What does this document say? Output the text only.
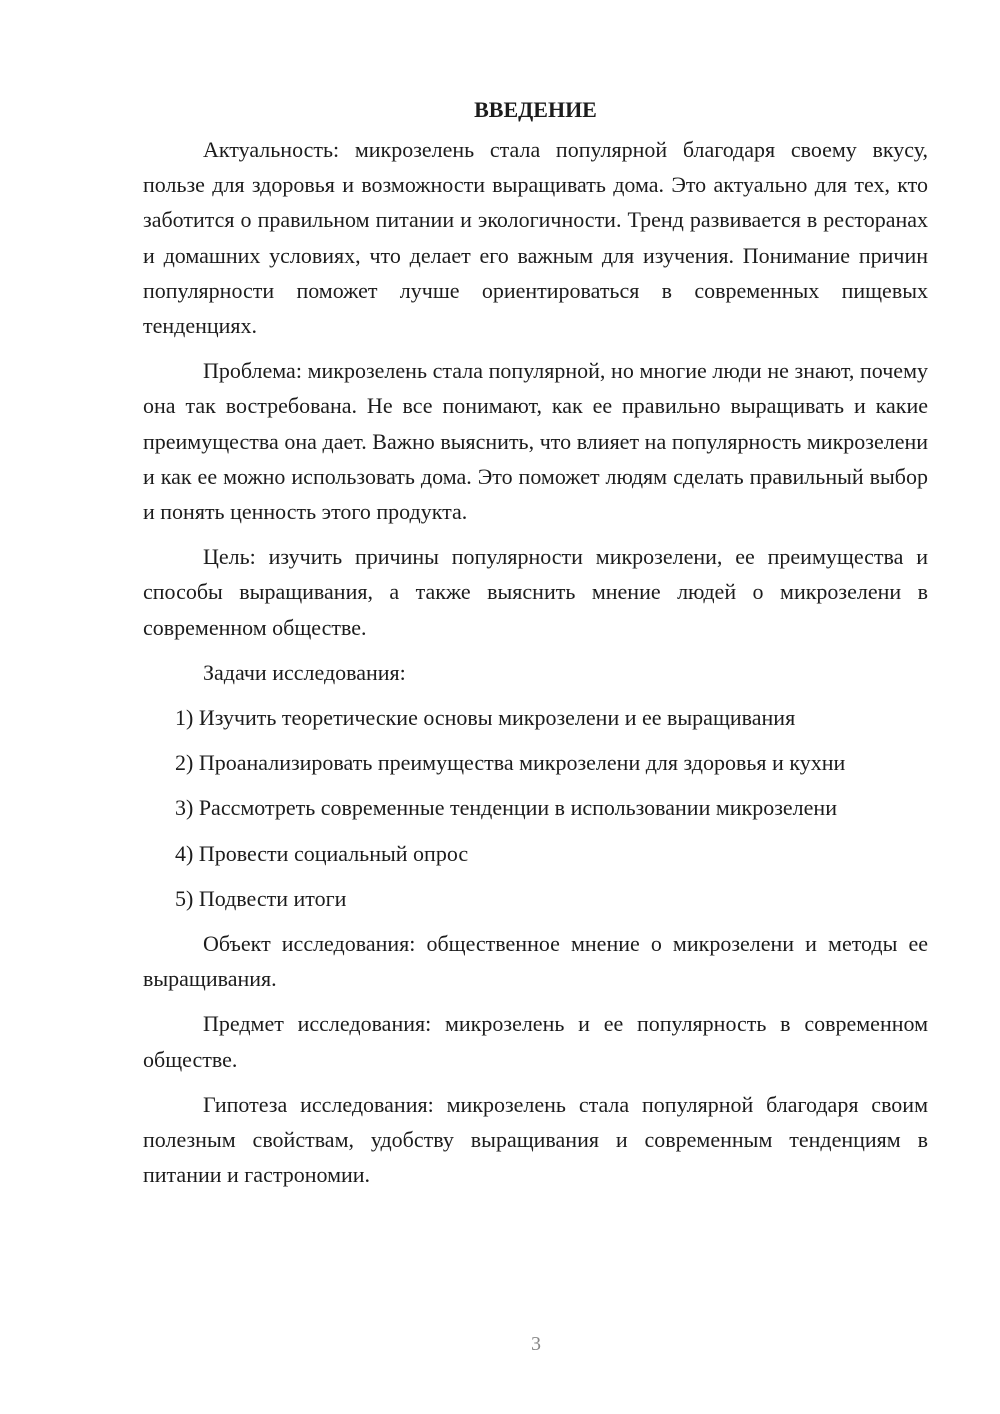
ВВЕДЕНИЕ

Актуальность: микрозелень стала популярной благодаря своему вкусу, пользе для здоровья и возможности выращивать дома. Это актуально для тех, кто заботится о правильном питании и экологичности. Тренд развивается в ресторанах и домашних условиях, что делает его важным для изучения. Понимание причин популярности поможет лучше ориентироваться в современных пищевых тенденциях.

Проблема: микрозелень стала популярной, но многие люди не знают, почему она так востребована. Не все понимают, как ее правильно выращивать и какие преимущества она дает. Важно выяснить, что влияет на популярность микрозелени и как ее можно использовать дома. Это поможет людям сделать правильный выбор и понять ценность этого продукта.

Цель: изучить причины популярности микрозелени, ее преимущества и способы выращивания, а также выяснить мнение людей о микрозелени в современном обществе.

Задачи исследования:

1) Изучить теоретические основы микрозелени и ее выращивания

2) Проанализировать преимущества микрозелени для здоровья и кухни

3) Рассмотреть современные тенденции в использовании микрозелени

4) Провести социальный опрос

5) Подвести итоги

Объект исследования: общественное мнение о микрозелени и методы ее выращивания.

Предмет исследования: микрозелень и ее популярность в современном обществе.

Гипотеза исследования: микрозелень стала популярной благодаря своим полезным свойствам, удобству выращивания и современным тенденциям в питании и гастрономии.

3
